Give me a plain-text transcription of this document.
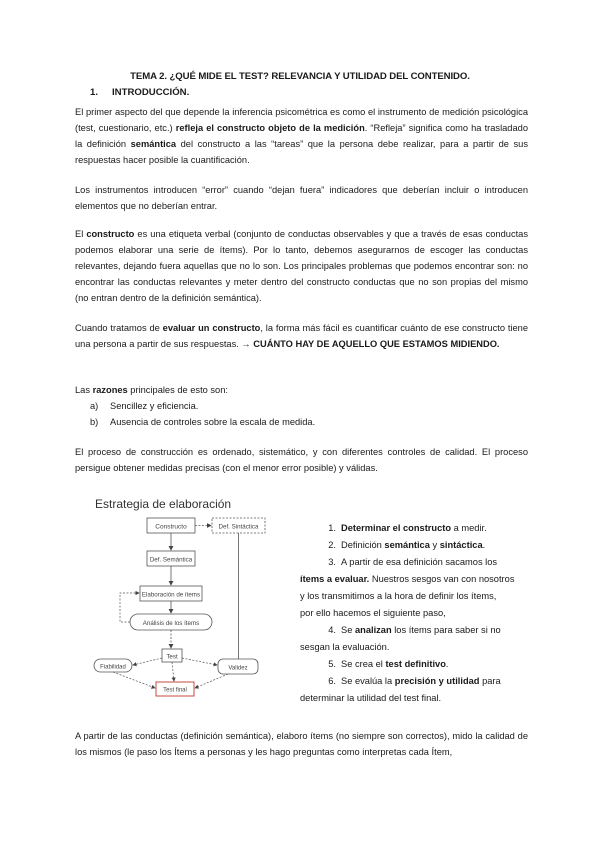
TEMA 2. ¿QUÉ MIDE EL TEST? RELEVANCIA Y UTILIDAD DEL CONTENIDO.
1. INTRODUCCIÓN.
El primer aspecto del que depende la inferencia psicométrica es como el instrumento de medición psicológica (test, cuestionario, etc.) refleja el constructo objeto de la medición. “Refleja” significa como ha trasladado la definición semántica del constructo a las “tareas” que la persona debe realizar, para a partir de sus respuestas hacer posible la cuantificación.
Los instrumentos introducen “error” cuando “dejan fuera” indicadores que deberían incluir o introducen elementos que no deberían entrar.
El constructo es una etiqueta verbal (conjunto de conductas observables y que a través de esas conductas podemos elaborar una serie de ítems). Por lo tanto, debemos asegurarnos de escoger las conductas relevantes, dejando fuera aquellas que no lo son. Los principales problemas que podemos encontrar son: no encontrar las conductas relevantes y meter dentro del constructo conductas que no son propias del mismo (no entran dentro de la definición semántica).
Cuando tratamos de evaluar un constructo, la forma más fácil es cuantificar cuánto de ese constructo tiene una persona a partir de sus respuestas. → CUÁNTO HAY DE AQUELLO QUE ESTAMOS MIDIENDO.
Las razones principales de esto son:
a) Sencillez y eficiencia.
b) Ausencia de controles sobre la escala de medida.
El proceso de construcción es ordenado, sistemático, y con diferentes controles de calidad. El proceso persigue obtener medidas precisas (con el menor error posible) y válidas.
Estrategia de elaboración
Constructo	Def. Sintáctica
Def. Semántica
Elaboración de ítems
Análisis de los ítems
Test
Fiabilidad	Validez
Test final
1. Determinar el constructo a medir.
2. Definición semántica y sintáctica.
3. A partir de esa definición sacamos los
ítems a evaluar. Nuestros sesgos van con nosotros
y los transmitimos a la hora de definir los ítems,
por ello hacemos el siguiente paso,
4. Se analizan los ítems para saber si no
sesgan la evaluación.
5. Se crea el test definitivo.
6. Se evalúa la precisión y utilidad para
determinar la utilidad del test final.
A partir de las conductas (definición semántica), elaboro ítems (no siempre son correctos), mido la calidad de los mismos (le paso los Ítems a personas y les hago preguntas como interpretas cada Ítem,
